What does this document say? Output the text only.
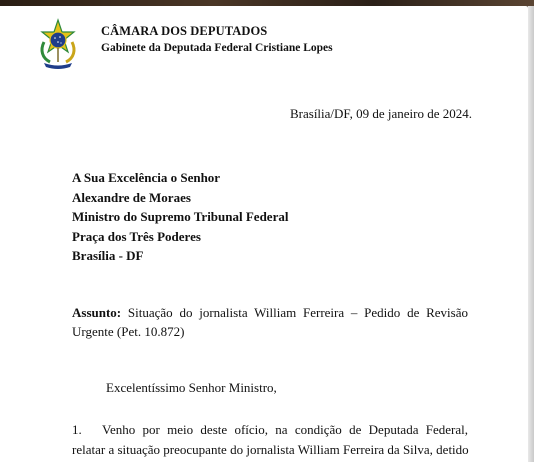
CÂMARA DOS DEPUTADOS
Gabinete da Deputada Federal Cristiane Lopes
Brasília/DF, 09 de janeiro de 2024.
A Sua Excelência o Senhor
Alexandre de Moraes
Ministro do Supremo Tribunal Federal
Praça dos Três Poderes
Brasília - DF
Assunto: Situação do jornalista William Ferreira – Pedido de Revisão Urgente (Pet. 10.872)
Excelentíssimo Senhor Ministro,
1.	Venho por meio deste ofício, na condição de Deputada Federal,
relatar a situação preocupante do jornalista William Ferreira da Silva, detido
